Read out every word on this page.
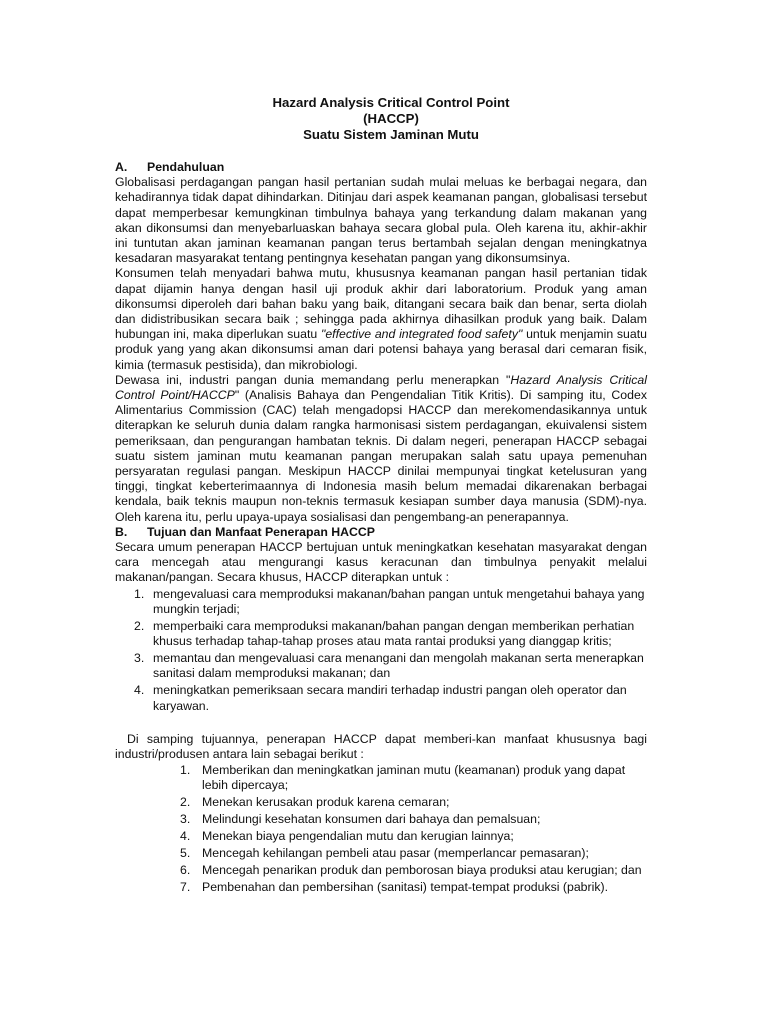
Hazard Analysis Critical Control Point
(HACCP)
Suatu Sistem Jaminan Mutu
A.	Pendahuluan

Globalisasi perdagangan pangan hasil pertanian sudah mulai meluas ke berbagai negara, dan kehadirannya tidak dapat dihindarkan. Ditinjau dari aspek keamanan pangan, globalisasi tersebut dapat memperbesar kemungkinan timbulnya bahaya yang terkandung dalam makanan yang akan dikonsumsi dan menyebarluaskan bahaya secara global pula. Oleh karena itu, akhir-akhir ini tuntutan akan jaminan keamanan pangan terus bertambah sejalan dengan meningkatnya kesadaran masyarakat tentang pentingnya kesehatan pangan yang dikonsumsinya.

Konsumen telah menyadari bahwa mutu, khususnya keamanan pangan hasil pertanian tidak dapat dijamin hanya dengan hasil uji produk akhir dari laboratorium. Produk yang aman dikonsumsi diperoleh dari bahan baku yang baik, ditangani secara baik dan benar, serta diolah dan didistribusikan secara baik ; sehingga pada akhirnya dihasilkan produk yang baik. Dalam hubungan ini, maka diperlukan suatu "effective and integrated food safety" untuk menjamin suatu produk yang yang akan dikonsumsi aman dari potensi bahaya yang berasal dari cemaran fisik, kimia (termasuk pestisida), dan mikrobiologi.

Dewasa ini, industri pangan dunia memandang perlu menerapkan "Hazard Analysis Critical Control Point/HACCP" (Analisis Bahaya dan Pengendalian Titik Kritis). Di samping itu, Codex Alimentarius Commission (CAC) telah mengadopsi HACCP dan merekomendasikannya untuk diterapkan ke seluruh dunia dalam rangka harmonisasi sistem perdagangan, ekuivalensi sistem pemeriksaan, dan pengurangan hambatan teknis. Di dalam negeri, penerapan HACCP sebagai suatu sistem jaminan mutu keamanan pangan merupakan salah satu upaya pemenuhan persyaratan regulasi pangan. Meskipun HACCP dinilai mempunyai tingkat ketelusuran yang tinggi, tingkat keberterimaannya di Indonesia masih belum memadai dikarenakan berbagai kendala, baik teknis maupun non-teknis termasuk kesiapan sumber daya manusia (SDM)-nya. Oleh karena itu, perlu upaya-upaya sosialisasi dan pengembang-an penerapannya.

B.	Tujuan dan Manfaat Penerapan HACCP

Secara umum penerapan HACCP bertujuan untuk meningkatkan kesehatan masyarakat dengan cara mencegah atau mengurangi kasus keracunan dan timbulnya penyakit melalui makanan/pangan. Secara khusus, HACCP diterapkan untuk :

1. mengevaluasi cara memproduksi makanan/bahan pangan untuk mengetahui bahaya yang mungkin terjadi;
2. memperbaiki cara memproduksi makanan/bahan pangan dengan memberikan perhatian khusus terhadap tahap-tahap proses atau mata rantai produksi yang dianggap kritis;
3. memantau dan mengevaluasi cara menangani dan mengolah makanan serta menerapkan sanitasi dalam memproduksi makanan; dan
4. meningkatkan pemeriksaan secara mandiri terhadap industri pangan oleh operator dan karyawan.

Di samping tujuannya, penerapan HACCP dapat memberi-kan manfaat khususnya bagi industri/produsen antara lain sebagai berikut :

1. Memberikan dan meningkatkan jaminan mutu (keamanan) produk yang dapat lebih dipercaya;
2. Menekan kerusakan produk karena cemaran;
3. Melindungi kesehatan konsumen dari bahaya dan pemalsuan;
4. Menekan biaya pengendalian mutu dan kerugian lainnya;
5. Mencegah kehilangan pembeli atau pasar (memperlancar pemasaran);
6. Mencegah penarikan produk dan pemborosan biaya produksi atau kerugian; dan
7. Pembenahan dan pembersihan (sanitasi) tempat-tempat produksi (pabrik).
